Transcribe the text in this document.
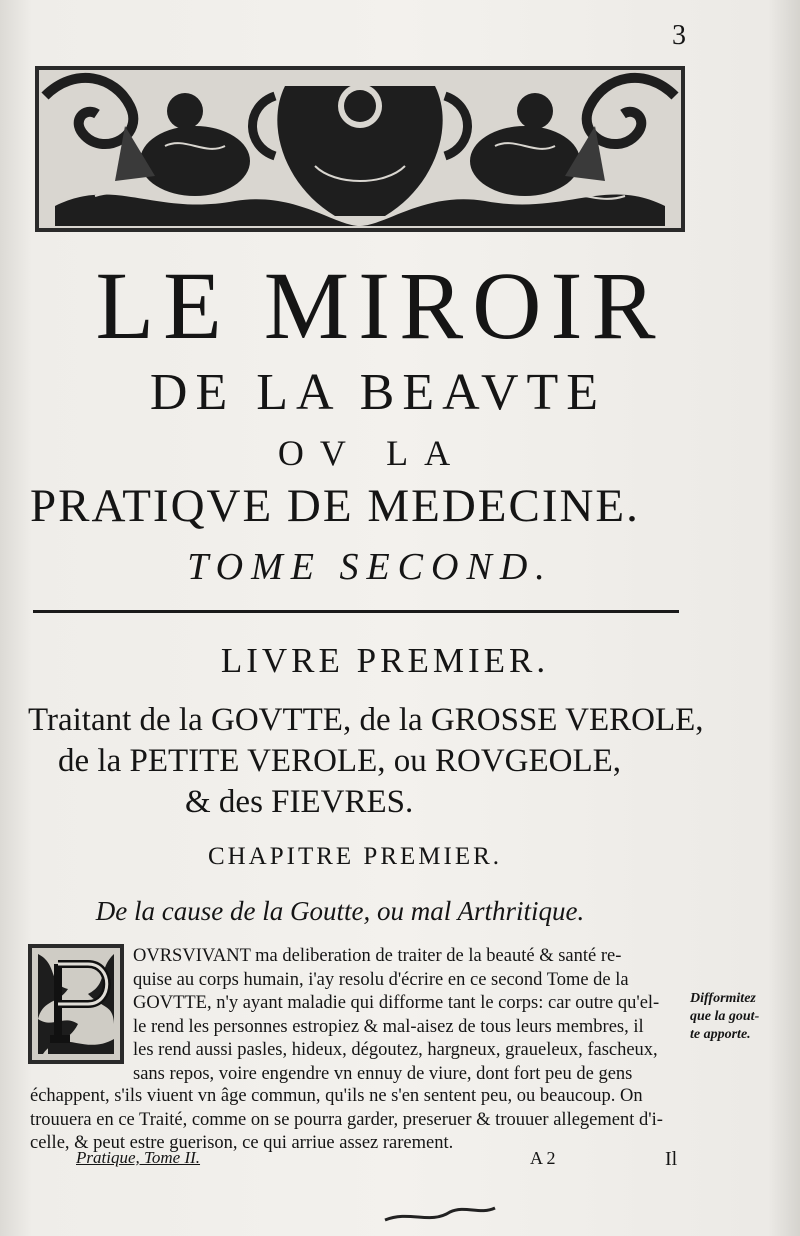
3
LE MIROIR
DE LA BEAVTE
OV LA
PRATIQVE DE MEDECINE.
TOME SECOND.
LIVRE PREMIER.
Traitant de la GOVTTE, de la GROSSE VEROLE,
de la PETITE VEROLE, ou ROVGEOLE,
& des FIEVRES.
CHAPITRE PREMIER.
De la cause de la Goutte, ou mal Arthritique.
OVRSVIVANT ma deliberation de traiter de la beauté & santé re-
quise au corps humain, i'ay resolu d'écrire en ce second Tome de la
GOVTTE, n'y ayant maladie qui difforme tant le corps: car outre qu'el-
le rend les personnes estropiez & mal-aisez de tous leurs membres, il
les rend aussi pasles, hideux, dégoutez, hargneux, graueleux, fascheux,
sans repos, voire engendre vn ennuy de viure, dont fort peu de gens
échappent, s'ils viuent vn âge commun, qu'ils ne s'en sentent peu, ou beaucoup. On
trouuera en ce Traité, comme on se pourra garder, preseruer & trouuer allegement d'i-
celle, & peut estre guerison, ce qui arriue assez rarement.
Difformitez
que la gout-
te apporte.
Pratique, Tome II.	A 2	Il
